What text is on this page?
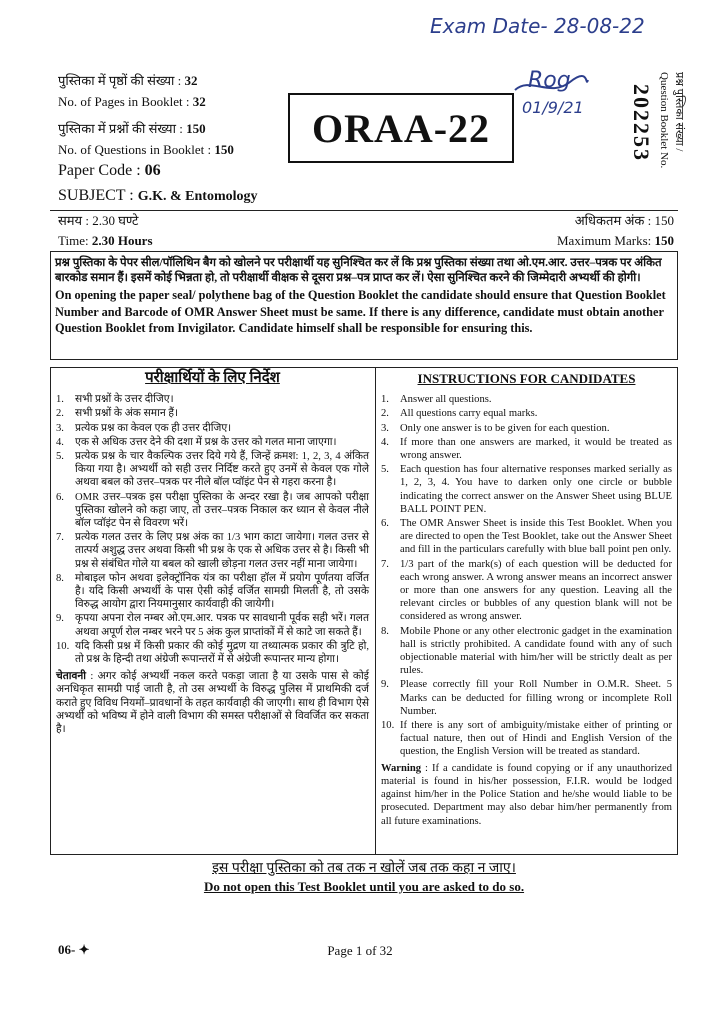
Exam Date- 28-08-22
Rog
01/9/21
पुस्तिका में पृष्ठों की संख्या : 32
No. of Pages in Booklet : 32
पुस्तिका में प्रश्नों की संख्या : 150
No. of Questions in Booklet : 150
Paper Code : 06
SUBJECT : G.K. & Entomology
ORAA-22	प्रश्न पुस्तिका संख्या /
Question Booklet No.
202253
समय : 2.30 घण्टे	अधिकतम अंक : 150
Time: 2.30 Hours	Maximum Marks: 150
प्रश्न पुस्तिका के पेपर सील/पॉलिथिन बैग को खोलने पर परीक्षार्थी यह सुनिश्चित कर लें कि प्रश्न पुस्तिका संख्या तथा ओ.एम.आर. उत्तर–पत्रक पर अंकित बारकोड समान हैं। इसमें कोई भिन्नता हो, तो परीक्षार्थी वीक्षक से दूसरा प्रश्न–पत्र प्राप्त कर लें। ऐसा सुनिश्चित करने की जिम्मेदारी अभ्यर्थी की होगी।
On opening the paper seal/ polythene bag of the Question Booklet the candidate should ensure that Question Booklet Number and Barcode of OMR Answer Sheet must be same. If there is any difference, candidate must obtain another Question Booklet from Invigilator. Candidate himself shall be responsible for ensuring this.
परीक्षार्थियों के लिए निर्देश
1.	सभी प्रश्नों के उत्तर दीजिए।
2.	सभी प्रश्नों के अंक समान हैं।
3.	प्रत्येक प्रश्न का केवल एक ही उत्तर दीजिए।
4.	एक से अधिक उत्तर देने की दशा में प्रश्न के उत्तर को गलत माना जाएगा।
5.	प्रत्येक प्रश्न के चार वैकल्पिक उत्तर दिये गये हैं, जिन्हें क्रमश: 1, 2, 3, 4 अंकित किया गया है। अभ्यर्थी को सही उत्तर निर्दिष्ट करते हुए उनमें से केवल एक गोले अथवा बबल को उत्तर–पत्रक पर नीले बॉल प्वॉइंट पेन से गहरा करना है।
6.	OMR उत्तर–पत्रक इस परीक्षा पुस्तिका के अन्दर रखा है। जब आपको परीक्षा पुस्तिका खोलने को कहा जाए, तो उत्तर–पत्रक निकाल कर ध्यान से केवल नीले बॉल प्वॉइंट पेन से विवरण भरें।
7.	प्रत्येक गलत उत्तर के लिए प्रश्न अंक का 1/3 भाग काटा जायेगा। गलत उत्तर से तात्पर्य अशुद्ध उत्तर अथवा किसी भी प्रश्न के एक से अधिक उत्तर से है। किसी भी प्रश्न से संबंधित गोले या बबल को खाली छोड़ना गलत उत्तर नहीं माना जायेगा।
8.	मोबाइल फोन अथवा इलेक्ट्रॉनिक यंत्र का परीक्षा हॉल में प्रयोग पूर्णतया वर्जित है। यदि किसी अभ्यर्थी के पास ऐसी कोई वर्जित सामग्री मिलती है, तो उसके विरुद्ध आयोग द्वारा नियमानुसार कार्यवाही की जायेगी।
9.	कृपया अपना रोल नम्बर ओ.एम.आर. पत्रक पर सावधानी पूर्वक सही भरें। गलत अथवा अपूर्ण रोल नम्बर भरने पर 5 अंक कुल प्राप्तांकों में से काटे जा सकते हैं।
10. यदि किसी प्रश्न में किसी प्रकार की कोई मुद्रण या तथ्यात्मक प्रकार की त्रुटि हो, तो प्रश्न के हिन्दी तथा अंग्रेजी रूपान्तरों में से अंग्रेजी रूपान्तर मान्य होगा।
चेतावनी : अगर कोई अभ्यर्थी नकल करते पकड़ा जाता है या उसके पास से कोई अनधिकृत सामग्री पाई जाती है, तो उस अभ्यर्थी के विरुद्ध पुलिस में प्राथमिकी दर्ज कराते हुए विविध नियमों–प्रावधानों के तहत कार्यवाही की जाएगी। साथ ही विभाग ऐसे अभ्यर्थी को भविष्य में होने वाली विभाग की समस्त परीक्षाओं से विवर्जित कर सकता है।
INSTRUCTIONS FOR CANDIDATES
1.	Answer all questions.
2.	All questions carry equal marks.
3.	Only one answer is to be given for each question.
4.	If more than one answers are marked, it would be treated as wrong answer.
5.	Each question has four alternative responses marked serially as 1, 2, 3, 4. You have to darken only one circle or bubble indicating the correct answer on the Answer Sheet using BLUE BALL POINT PEN.
6.	The OMR Answer Sheet is inside this Test Booklet. When you are directed to open the Test Booklet, take out the Answer Sheet and fill in the particulars carefully with blue ball point pen only.
7.	1/3 part of the mark(s) of each question will be deducted for each wrong answer. A wrong answer means an incorrect answer or more than one answers for any question. Leaving all the relevant circles or bubbles of any question blank will not be considered as wrong answer.
8.	Mobile Phone or any other electronic gadget in the examination hall is strictly prohibited. A candidate found with any of such objectionable material with him/her will be strictly dealt as per rules.
9.	Please correctly fill your Roll Number in O.M.R. Sheet. 5 Marks can be deducted for filling wrong or incomplete Roll Number.
10. If there is any sort of ambiguity/mistake either of printing or factual nature, then out of Hindi and English Version of the question, the English Version will be treated as standard.
Warning : If a candidate is found copying or if any unauthorized material is found in his/her possession, F.I.R. would be lodged against him/her in the Police Station and he/she would liable to be prosecuted. Department may also debar him/her permanently from all future examinations.
इस परीक्षा पुस्तिका को तब तक न खोलें जब तक कहा न जाए।
Do not open this Test Booklet until you are asked to do so.
06- ✦	Page 1 of 32
